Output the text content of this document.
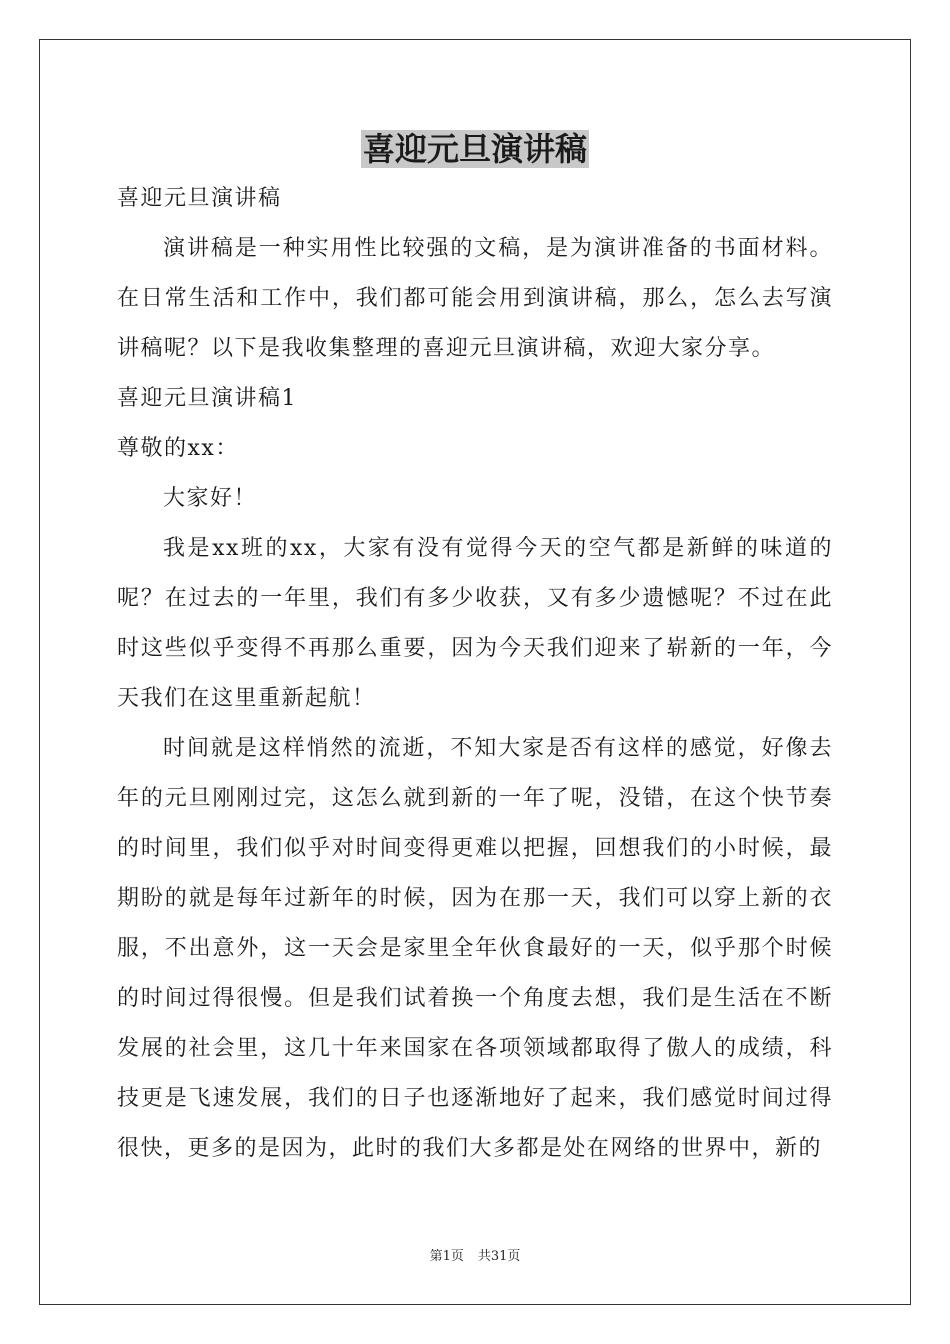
喜迎元旦演讲稿

喜迎元旦演讲稿

演讲稿是一种实用性比较强的文稿，是为演讲准备的书面材料。在日常生活和工作中，我们都可能会用到演讲稿，那么，怎么去写演讲稿呢？以下是我收集整理的喜迎元旦演讲稿，欢迎大家分享。

喜迎元旦演讲稿1

尊敬的xx：

大家好！

我是xx班的xx，大家有没有觉得今天的空气都是新鲜的味道的呢？在过去的一年里，我们有多少收获，又有多少遗憾呢？不过在此时这些似乎变得不再那么重要，因为今天我们迎来了崭新的一年，今天我们在这里重新起航！

时间就是这样悄然的流逝，不知大家是否有这样的感觉，好像去年的元旦刚刚过完，这怎么就到新的一年了呢，没错，在这个快节奏的时间里，我们似乎对时间变得更难以把握，回想我们的小时候，最期盼的就是每年过新年的时候，因为在那一天，我们可以穿上新的衣服，不出意外，这一天会是家里全年伙食最好的一天，似乎那个时候的时间过得很慢。但是我们试着换一个角度去想，我们是生活在不断发展的社会里，这几十年来国家在各项领域都取得了傲人的成绩，科技更是飞速发展，我们的日子也逐渐地好了起来，我们感觉时间过得很快，更多的是因为，此时的我们大多都是处在网络的世界中，新的

第1页 共31页
